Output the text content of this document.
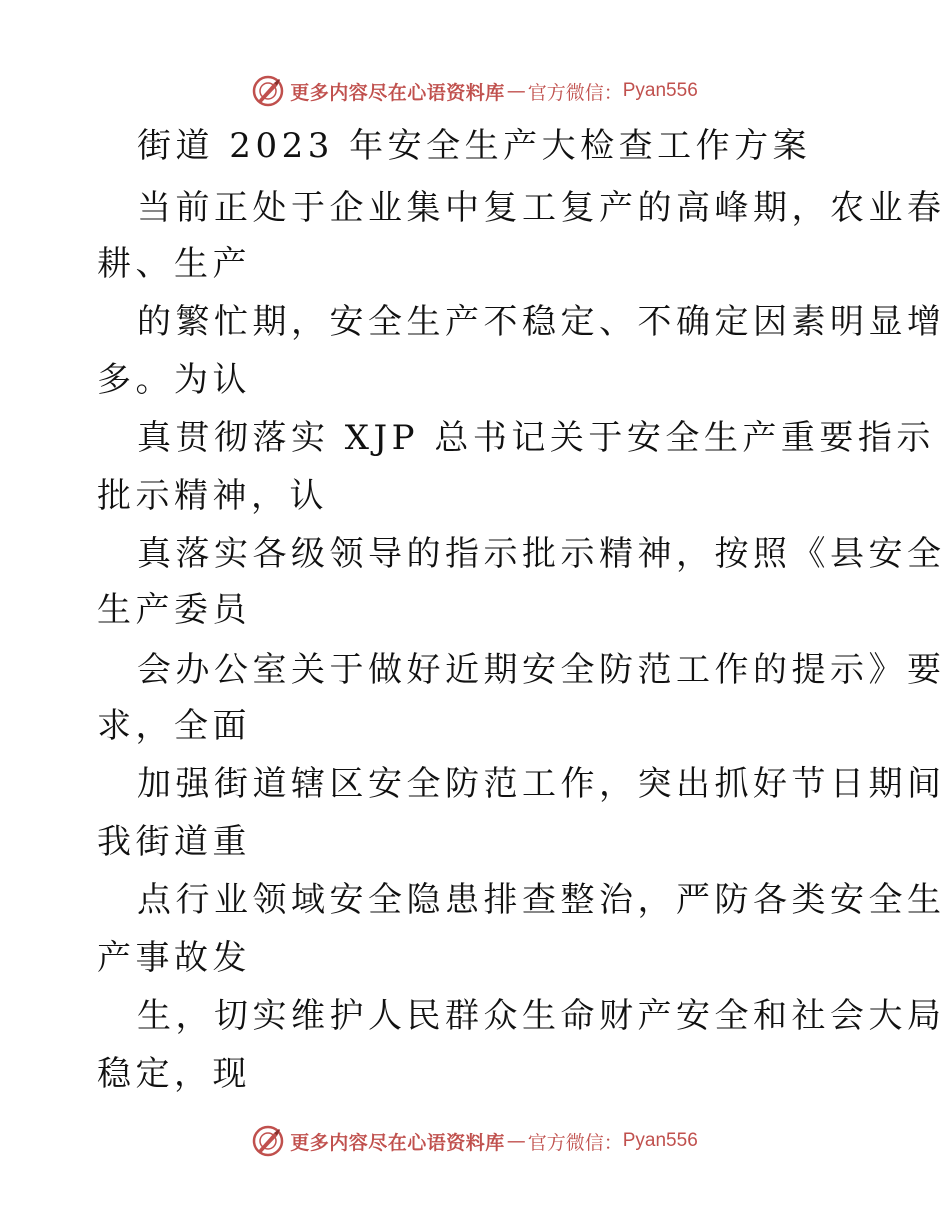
更多内容尽在心语资料库 — 官方微信： Pyan556
街道 2023 年安全生产大检查工作方案
当前正处于企业集中复工复产的高峰期，农业春
耕、生产
的繁忙期，安全生产不稳定、不确定因素明显增
多。为认
真贯彻落实 XJP 总书记关于安全生产重要指示
批示精神，认
真落实各级领导的指示批示精神，按照《县安全
生产委员
会办公室关于做好近期安全防范工作的提示》要
求，全面
加强街道辖区安全防范工作，突出抓好节日期间
我街道重
点行业领域安全隐患排查整治，严防各类安全生
产事故发
生，切实维护人民群众生命财产安全和社会大局
稳定，现
更多内容尽在心语资料库 — 官方微信： Pyan556
